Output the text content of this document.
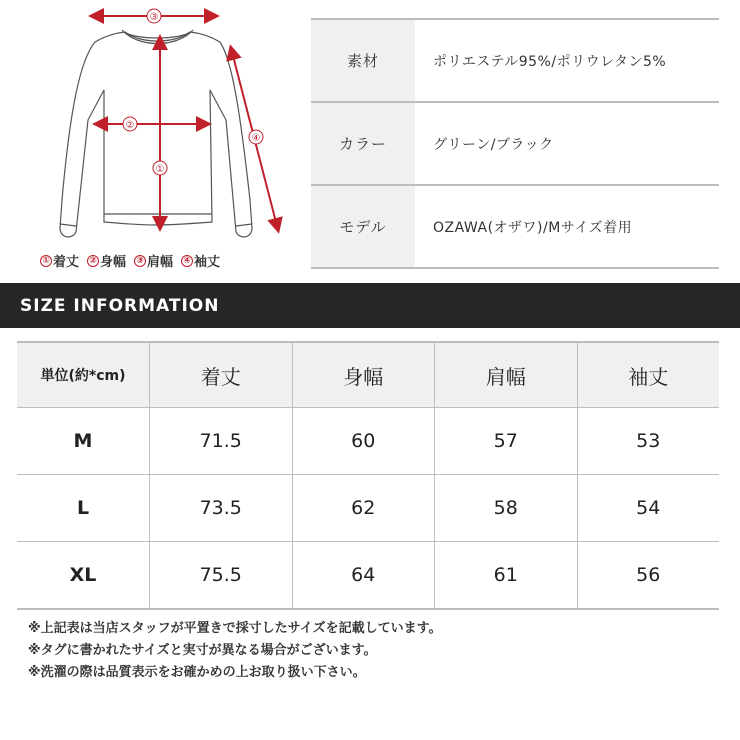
③
②
①
④
① 着丈 ② 身幅 ③ 肩幅 ④ 袖丈
素材	ポリエステル95%/ポリウレタン5%
カラー	グリーン/ブラック
モデル	OZAWA(オザワ)/Mサイズ着用
SIZE INFORMATION
単位(約*cm)	着丈	身幅	肩幅	袖丈
M	71.5	60	57	53
L	73.5	62	58	54
XL	75.5	64	61	56
※上記表は当店スタッフが平置きで採寸したサイズを記載しています。
※タグに書かれたサイズと実寸が異なる場合がございます。
※洗濯の際は品質表示をお確かめの上お取り扱い下さい。
